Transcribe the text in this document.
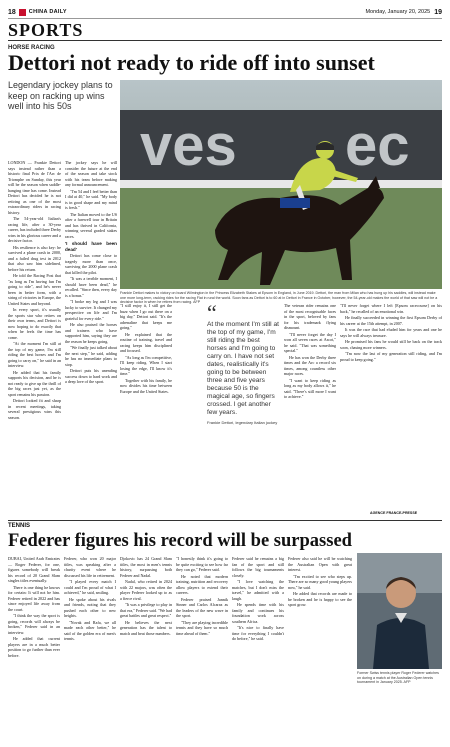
18 CHINA DAILY	Monday, January 20, 2025 19
SPORTS
HORSE RACING
Dettori not ready to ride off into sunset
Legendary jockey plans to keep on racking up wins well into his 50s
ves ec
Frankie Dettori makes to victory on board Wilmington in the Princess Elizabeth Stakes at Epsom in England, in June 2019. Dettori, the man from Milan who has hung up his saddles, will instead make one more long-term, racking rides for the racing Flat in rural the world. Soon fans as Dettori is to 60 at in Dettori in France in October, however, the 54-year-old makes the world of that saw will not be a decisive factor in when he retires from racing. AFP

LONDON — Frankie Dettori says instead rather than a historic final Prix de l'Arc de Triomphe on Sunday, this year will be the season when saddle-hanging time has come. Instead Dettori has decided he is not retiring as one of the most extraordinary riders in racing history.

The 54-year-old Italian's racing life, after a 30-year career, has included three Derby wins in his glorious career and a decisive factor.

His resilience is also key: he survived a plane crash in 2000, and a failed drug test in 2012 that also saw him sidelined, before his return.

He told the Racing Post that "as long as I'm having fun I'm going to ride", and he's never been in better form, with a string of victories in Europe, the United States and beyond.

In every sport, it's usually the sports star who retires on their own terms, and Dettori is now hoping to do exactly that when he feels the time has come.

"At the moment I'm still at the top of my game, I'm still riding the best horses and I'm going to carry on," he said in an interview.

He added that his family supports his decision, and he is not ready to give up the thrill of the big races just yet, as the sport remains his passion.

Dettori looked fit and sharp in recent meetings, taking several prestigious wins this season.

The jockey says he will consider the future at the end of the season and take stock with his team before making any formal announcement.

"I'm 54 and I feel better than I did at 40," he said. "My body is in good shape and my mind is fresh."

The Italian moved to the US after a farewell tour in Britain and has thrived in California, winning several graded stakes races.

'I should have been dead'

Dettori has come close to tragedy more than once, surviving the 2000 plane crash that killed the pilot.

"It was a terrible moment, I should have been dead," he recalled. "Since then, every day is a bonus."

"I broke my leg and I was lucky to survive. It changed my perspective on life and I'm grateful for every ride."

He also praised the horses and trainers who have supported him, saying they are the reason he keeps going.

"We finally just talked about the next step," he said, adding he has no immediate plans to stop.

Dettori puts his unending success down to hard work and a deep love of the sport.

"I still enjoy it, I still get the buzz when I go out there on a big day," Dettori said. "It's the adrenaline that keeps me going."

He explained that the routine of training, travel and racing keeps him disciplined and focused.

"As long as I'm competitive, I'll keep riding. When I start losing the edge, I'll know it's time."

Together with his family, he now divides his time between Europe and the United States.

The veteran rider remains one of the most recognisable faces in the sport, beloved by fans for his trademark flying dismount.

"I'll never forget the day I won all seven races at Ascot," he said. "That was something special."

He has won the Derby three times and the Arc a record six times, among countless other major races.

"I want to keep riding as long as my body allows it," he said. "There's still more I want to achieve."

"I'll never forget where I left [Epsom racecourse] on his back," he recalled of an emotional win.

He finally succeeded in winning the first Epsom Derby of his career at the 15th attempt, in 2007.

It was the race that had eluded him for years and one he says he will always treasure.

He promised his fans he would still be back on the track soon, chasing more winners.

"I'm now the last of my generation still riding, and I'm proud to keep going."

“
At the moment I'm still at the top of my game, I'm still riding the best horses and I'm going to carry on. I have not set dates, realistically it's going to be between three and five years because 50 is the magical age, so fingers crossed. I get another few years.
Frankie Dettori, legendary Italian jockey
AGENCE FRANCE-PRESSE
TENNIS
Federer figures his record will be surpassed

DUBAI, United Arab Emirates — Roger Federer, for one, figures somebody will break his record of 20 Grand Slam singles titles eventually.

There is one thing he knows for certain: It will not be him. Federer retired in 2022 and has since enjoyed life away from the court.

"I think the way the sport is going, records will always be broken," Federer said in an interview.

He added that current players are in a much better position to go further than ever before.

Federer, who won 20 major titles, was speaking after a charity event where he discussed his life in retirement.

"I played every match I could and I'm proud of what I achieved," he said, smiling.

He spoke about his rivals and friends, noting that they pushed each other to new heights.

"Novak and Rafa, we all made each other better," he said of the golden era of men's tennis.

Djokovic has 24 Grand Slam titles, the most in men's tennis history, surpassing both Federer and Nadal.

Nadal, who retired in 2024 with 22 majors, was often the player Federer looked up to as a fierce rival.

"It was a privilege to play in that era," Federer said. "We had great battles and great respect."

He believes the next generation has the talent to match and beat those numbers.

"I honestly think it's going to be quite exciting to see how far they can go," Federer said.

He noted that modern training, nutrition and recovery allow players to extend their careers.

Federer praised Jannik Sinner and Carlos Alcaraz as the leaders of the new wave in the sport.

"They are playing incredible tennis and they have so much time ahead of them."

Federer said he remains a big fan of the sport and still follows the big tournaments closely.

"I love watching the matches, but I don't miss the travel," he admitted with a laugh.

He spends time with his family and continues his foundation work across southern Africa.

"It's nice to finally have time for everything I couldn't do before," he said.

Federer also said he will be watching the Australian Open with great interest.

"I'm excited to see who steps up. There are so many good young players now," he said.

He added that records are made to be broken and he is happy to see the sport grow.

Former Swiss tennis player Roger Federer watches on during a match at the Australian Open tennis tournament in January 2025. AFP
